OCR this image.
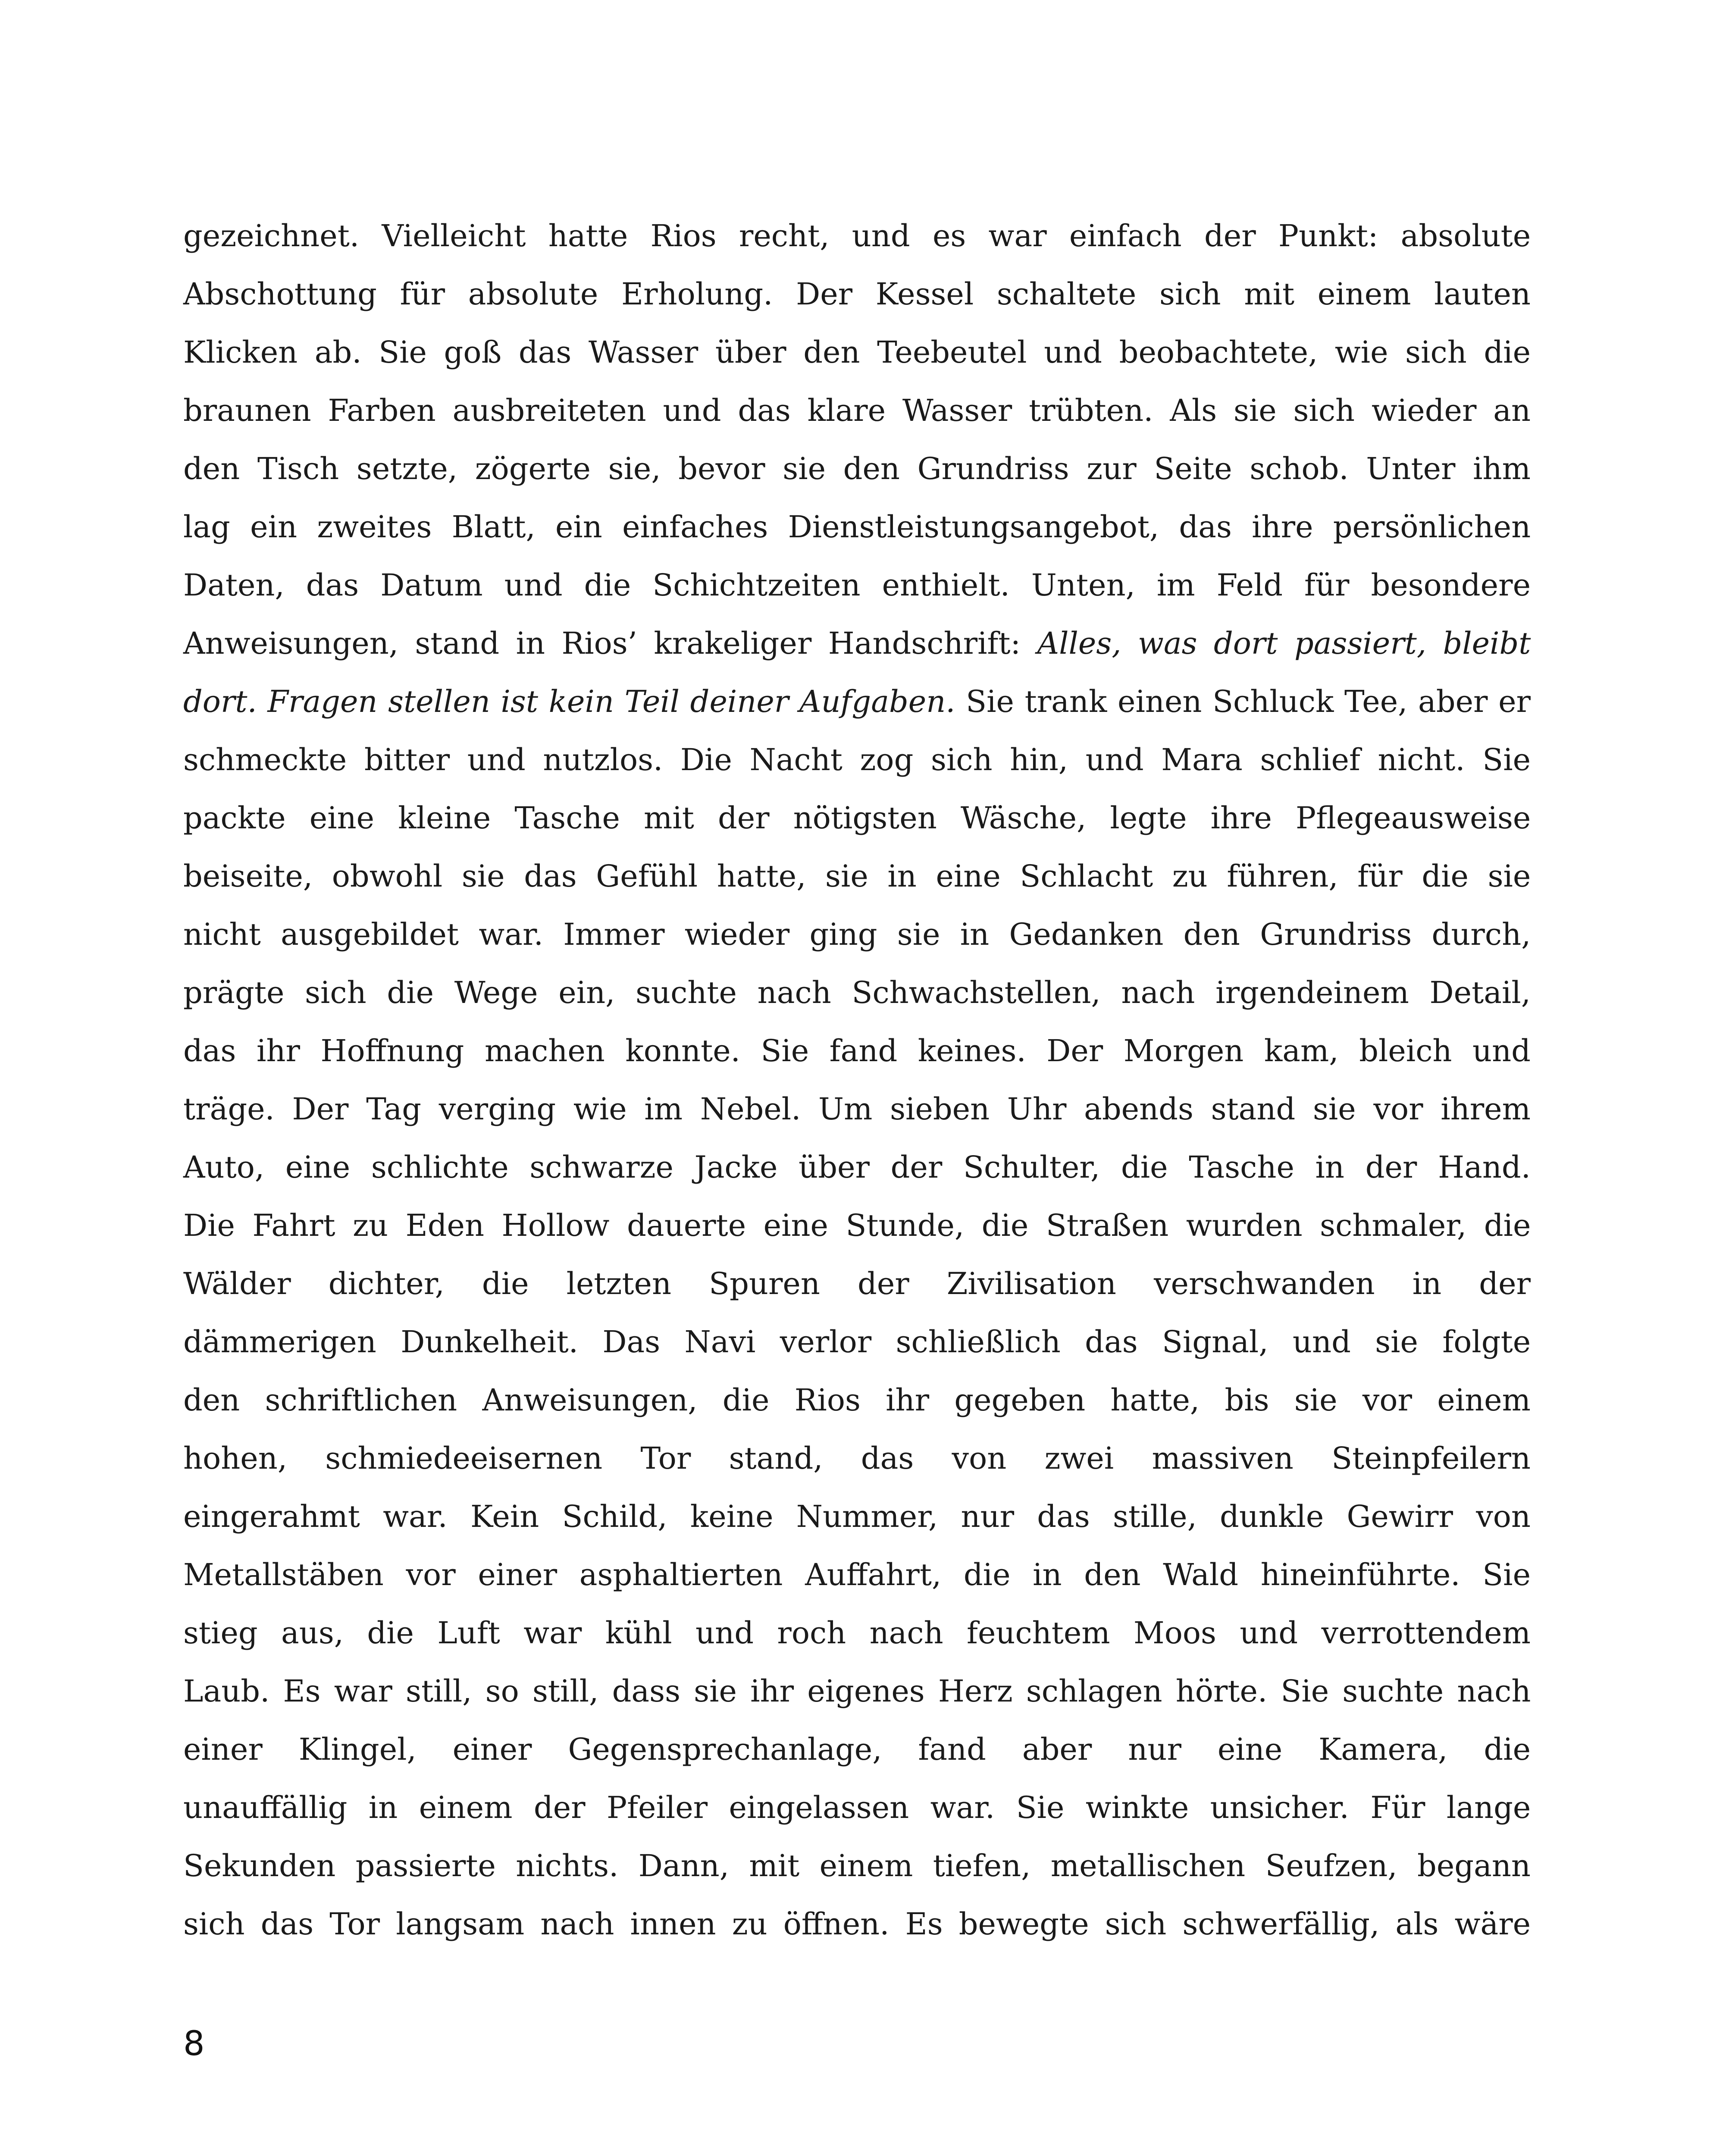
gezeichnet. Vielleicht hatte Rios recht, und es war einfach der Punkt: absolute
Abschottung für absolute Erholung. Der Kessel schaltete sich mit einem lauten
Klicken ab. Sie goß das Wasser über den Teebeutel und beobachtete, wie sich die
braunen Farben ausbreiteten und das klare Wasser trübten. Als sie sich wieder an
den Tisch setzte, zögerte sie, bevor sie den Grundriss zur Seite schob. Unter ihm
lag ein zweites Blatt, ein einfaches Dienstleistungsangebot, das ihre persönlichen
Daten, das Datum und die Schichtzeiten enthielt. Unten, im Feld für besondere
Anweisungen, stand in Rios’ krakeliger Handschrift: Alles, was dort passiert, bleibt
dort. Fragen stellen ist kein Teil deiner Aufgaben. Sie trank einen Schluck Tee, aber er
schmeckte bitter und nutzlos. Die Nacht zog sich hin, und Mara schlief nicht. Sie
packte eine kleine Tasche mit der nötigsten Wäsche, legte ihre Pflegeausweise
beiseite, obwohl sie das Gefühl hatte, sie in eine Schlacht zu führen, für die sie
nicht ausgebildet war. Immer wieder ging sie in Gedanken den Grundriss durch,
prägte sich die Wege ein, suchte nach Schwachstellen, nach irgendeinem Detail,
das ihr Hoffnung machen konnte. Sie fand keines. Der Morgen kam, bleich und
träge. Der Tag verging wie im Nebel. Um sieben Uhr abends stand sie vor ihrem
Auto, eine schlichte schwarze Jacke über der Schulter, die Tasche in der Hand.
Die Fahrt zu Eden Hollow dauerte eine Stunde, die Straßen wurden schmaler, die
Wälder dichter, die letzten Spuren der Zivilisation verschwanden in der
dämmerigen Dunkelheit. Das Navi verlor schließlich das Signal, und sie folgte
den schriftlichen Anweisungen, die Rios ihr gegeben hatte, bis sie vor einem
hohen, schmiedeeisernen Tor stand, das von zwei massiven Steinpfeilern
eingerahmt war. Kein Schild, keine Nummer, nur das stille, dunkle Gewirr von
Metallstäben vor einer asphaltierten Auffahrt, die in den Wald hineinführte. Sie
stieg aus, die Luft war kühl und roch nach feuchtem Moos und verrottendem
Laub. Es war still, so still, dass sie ihr eigenes Herz schlagen hörte. Sie suchte nach
einer Klingel, einer Gegensprechanlage, fand aber nur eine Kamera, die
unauffällig in einem der Pfeiler eingelassen war. Sie winkte unsicher. Für lange
Sekunden passierte nichts. Dann, mit einem tiefen, metallischen Seufzen, begann
sich das Tor langsam nach innen zu öffnen. Es bewegte sich schwerfällig, als wäre
8
